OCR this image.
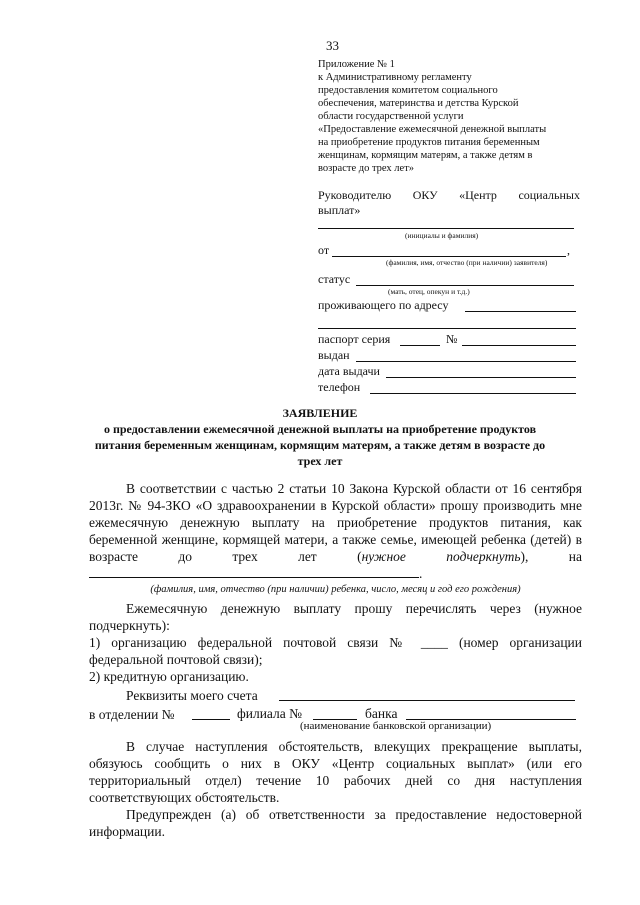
33
Приложение № 1
к Административному регламенту
предоставления комитетом социального
обеспечения, материнства и детства Курской
области государственной услуги
«Предоставление ежемесячной денежной выплаты
на приобретение продуктов питания беременным
женщинам, кормящим матерям, а также детям в
возрасте до трех лет»
Руководителю ОКУ «Центр социальных
выплат»
(инициалы и фамилия)
от	,
(фамилия, имя, отчество (при наличии) заявителя)
статус
(мать, отец, опекун и т.д.)
проживающего по адресу
паспорт серия	№
выдан
дата выдачи
телефон
ЗАЯВЛЕНИЕ
о предоставлении ежемесячной денежной выплаты на приобретение продуктов
питания беременным женщинам, кормящим матерям, а также детям в возрасте до
трех лет
В соответствии с частью 2 статьи 10 Закона Курской области от 16 сентября 2013г. № 94-ЗКО «О здравоохранении в Курской области» прошу производить мне ежемесячную денежную выплату на приобретение продуктов питания, как беременной женщине, кормящей матери, а также семье, имеющей ребенка (детей) в возрасте до трех лет (нужное подчеркнуть), на.
(фамилия, имя, отчество (при наличии) ребенка, число, месяц и год его рождения)
Ежемесячную денежную выплату прошу перечислять через (нужное подчеркнуть):
1) организацию федеральной почтовой связи № ____ (номер организации федеральной почтовой связи);
2) кредитную организацию.
Реквизиты моего счета
в отделении №	филиала №	банка
(наименование банковской организации)
В случае наступления обстоятельств, влекущих прекращение выплаты, обязуюсь сообщить о них в ОКУ «Центр социальных выплат» (или его территориальный отдел) течение 10 рабочих дней со дня наступления соответствующих обстоятельств.
Предупрежден (а) об ответственности за предоставление недостоверной информации.
